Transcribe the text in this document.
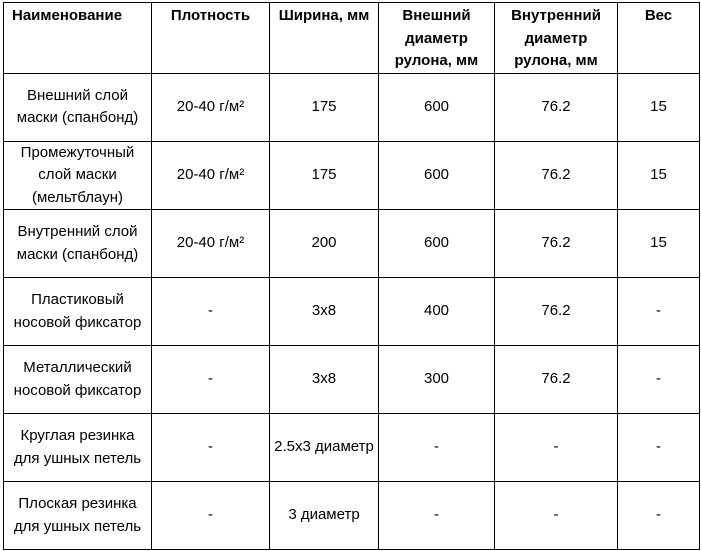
Наименование	Плотность	Ширина, мм	Внешний диаметр рулона, мм	Внутренний диаметр рулона, мм	Вес
Внешний слой маски (спанбонд)	20-40 г/м²	175	600	76.2	15
Промежуточный слой маски (мельтблаун)	20-40 г/м²	175	600	76.2	15
Внутренний слой маски (спанбонд)	20-40 г/м²	200	600	76.2	15
Пластиковый носовой фиксатор	-	3x8	400	76.2	-
Металлический носовой фиксатор	-	3x8	300	76.2	-
Круглая резинка для ушных петель	-	2.5x3 диаметр	-	-	-
Плоская резинка для ушных петель	-	3 диаметр	-	-	-
